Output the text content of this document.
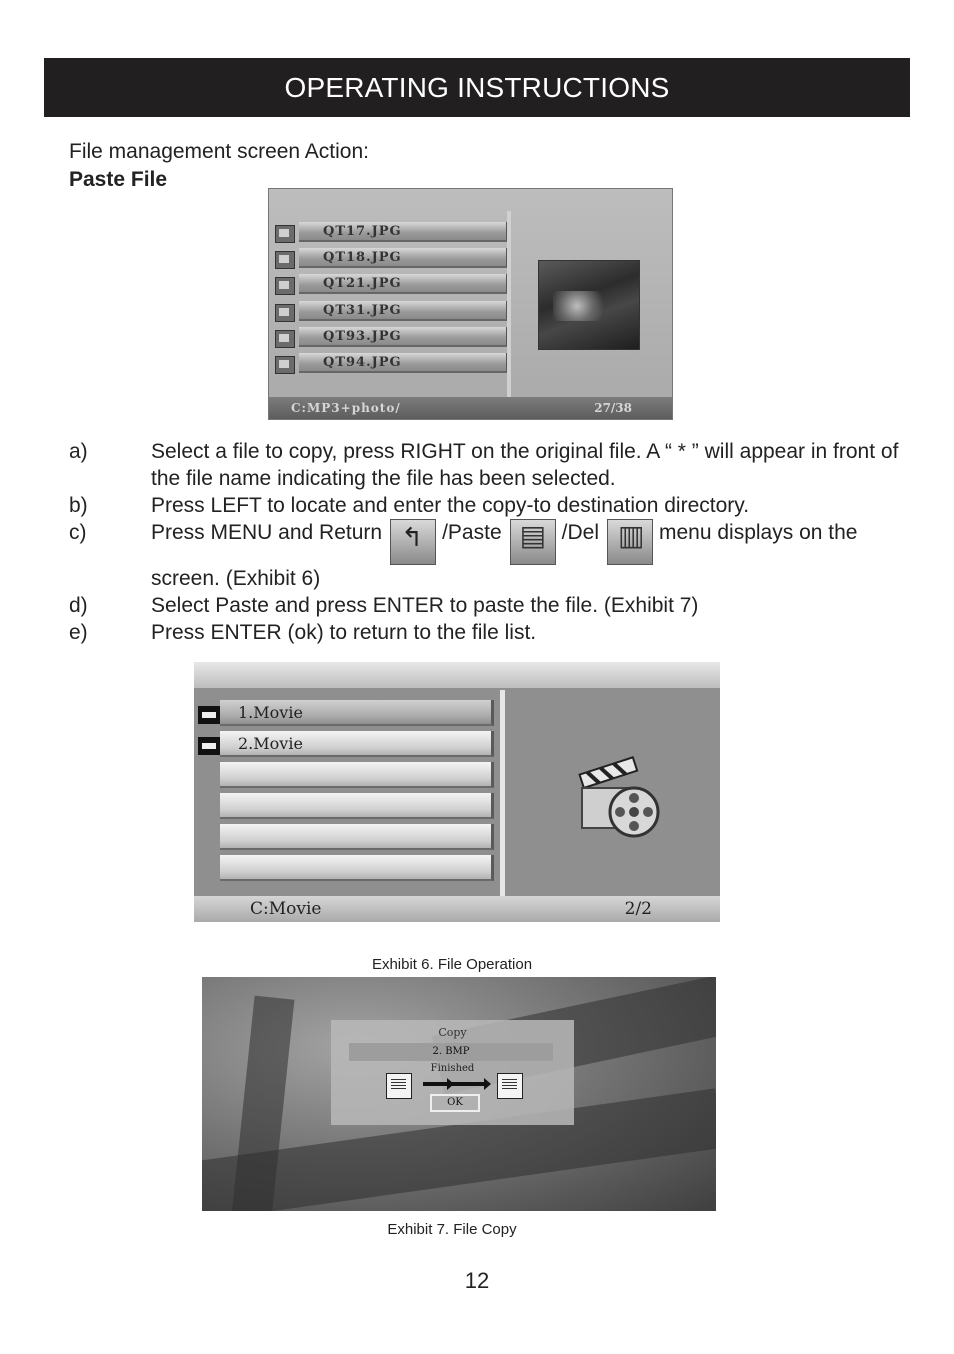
OPERATING INSTRUCTIONS
File management screen Action:
Paste File
QT17.JPG
QT18.JPG
QT21.JPG
QT31.JPG
QT93.JPG
QT94.JPG
C:MP3+photo/	27/38
a)	Select a file to copy, press RIGHT on the original file. A “ * ” will appear in front of the file name indicating the file has been selected.
b)	Press LEFT to locate and enter the copy-to destination directory.
c)	Press MENU and Return ↰	/Paste ▤	/Del ▥	menu displays on the screen. (Exhibit 6)
d)	Select Paste and press ENTER to paste the file. (Exhibit 7)
e)	Press ENTER (ok) to return to the file list.
1.Movie
2.Movie
C:Movie	2/2
Exhibit 6. File Operation
Copy
2. BMP
Finished
OK
Exhibit 7. File Copy
12
